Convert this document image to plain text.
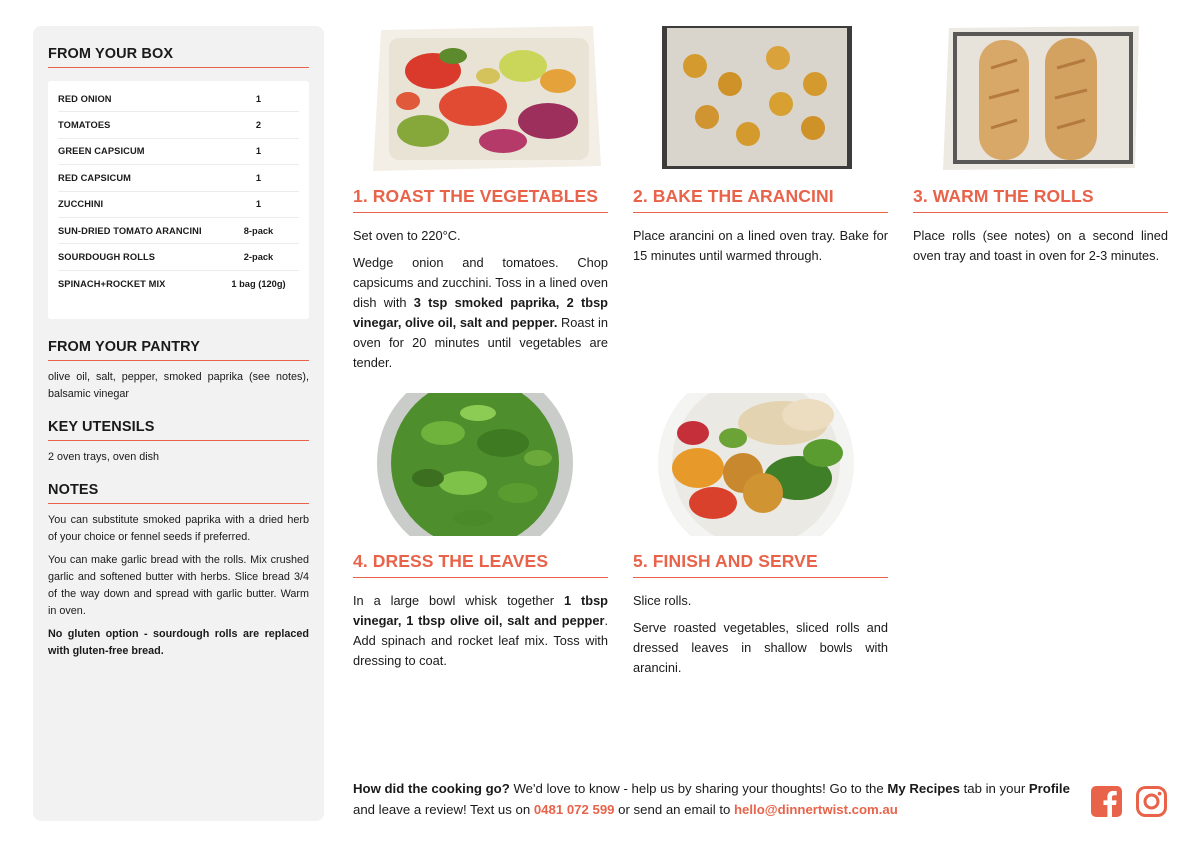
FROM YOUR BOX
RED ONION	1
TOMATOES	2
GREEN CAPSICUM	1
RED CAPSICUM	1
ZUCCHINI	1
SUN-DRIED TOMATO ARANCINI	8-pack
SOURDOUGH ROLLS	2-pack
SPINACH+ROCKET MIX	1 bag (120g)
FROM YOUR PANTRY

olive oil, salt, pepper, smoked paprika (see notes), balsamic vinegar

KEY UTENSILS

2 oven trays, oven dish

NOTES

You can substitute smoked paprika with a dried herb of your choice or fennel seeds if preferred.

You can make garlic bread with the rolls. Mix crushed garlic and softened butter with herbs. Slice bread 3/4 of the way down and spread with garlic butter. Warm in oven.

No gluten option - sourdough rolls are replaced with gluten-free bread.

1. ROAST THE VEGETABLES

Set oven to 220°C.

Wedge onion and tomatoes. Chop capsicums and zucchini. Toss in a lined oven dish with 3 tsp smoked paprika, 2 tbsp vinegar, olive oil, salt and pepper. Roast in oven for 20 minutes until vegetables are tender.

2. BAKE THE ARANCINI

Place arancini on a lined oven tray. Bake for 15 minutes until warmed through.

3. WARM THE ROLLS

Place rolls (see notes) on a second lined oven tray and toast in oven for 2-3 minutes.

4. DRESS THE LEAVES

In a large bowl whisk together 1 tbsp vinegar, 1 tbsp olive oil, salt and pepper. Add spinach and rocket leaf mix. Toss with dressing to coat.

5. FINISH AND SERVE

Slice rolls.

Serve roasted vegetables, sliced rolls and dressed leaves in shallow bowls with arancini.

How did the cooking go? We'd love to know - help us by sharing your thoughts! Go to the My Recipes tab in your Profile and leave a review! Text us on 0481 072 599 or send an email to hello@dinnertwist.com.au
